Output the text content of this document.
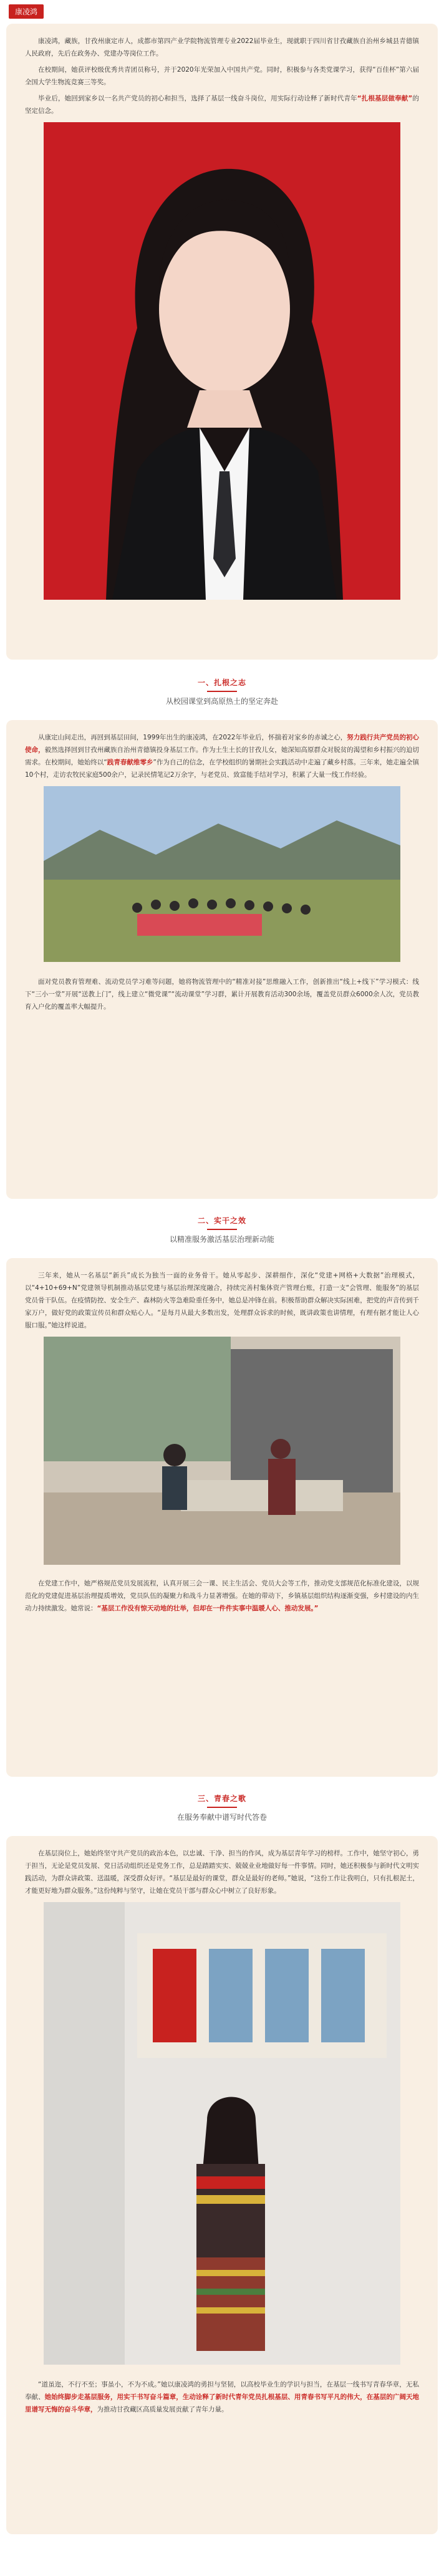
康凌鸿

康凌鸿，藏族，甘孜州康定市人，成都市第四产业学院物流管理专业2022届毕业生，现就职于四川省甘孜藏族自治州乡城县青德镇人民政府，先后在政务办、党建办等岗位工作。

在校期间，她获评校级优秀共青团员称号，并于2020年光荣加入中国共产党。同时，积极参与各类党课学习，获得“百佳杯”第六届全国大学生物流竞赛三等奖。

毕业后，她回到家乡以一名共产党员的初心和担当，选择了基层一线奋斗岗位，用实际行动诠释了新时代青年“扎根基层做奉献”的坚定信念。

一、扎根之志
从校园课堂到高原热土的坚定奔赴

从康定山间走出，再回到基层田间，1999年出生的康凌鸿，在2022年毕业后，怀揣着对家乡的赤诚之心，努力践行共产党员的初心使命，毅然选择回到甘孜州藏族自治州青德镇投身基层工作。作为土生土长的甘孜儿女，她深知高原群众对脱贫的渴望和乡村振兴的迫切需求。在校期间，她始终以“践青春献维零乡”作为自己的信念，在学校组织的暑期社会实践活动中走遍了藏乡村落。三年来，她走遍全镇10个村，走访农牧民家庭500余户，记录民情笔记2万余字，与老党员、致富能手结对学习，积累了大量一线工作经验。

面对党员教育管理难、流动党员学习难等问题，她将物流管理中的“精准对接”思维融入工作，创新推出“线上+线下”学习模式：线下“三小一堂”开展“送教上门”，线上建立“微党课”“流动课堂”学习群，累计开展教育活动300余场，覆盖党员群众6000余人次，党员教育入户化的覆盖率大幅提升。

二、实干之效
以精准服务激活基层治理新动能

三年来，她从一名基层“新兵”成长为独当一面的业务骨干。她从零起步、深耕细作，深化“党建+网格+大数据”治理模式，以“4+10+69+N”党建领导机制推动基层党建与基层治理深度融合，持续完善村集体资产管理台账，打造一支“会管理、能服务”的基层党员骨干队伍。在疫情防控、安全生产、森林防火等急难险重任务中，她总是冲锋在前。积极帮助群众解决实际困难，把党的声音传到千家万户，做好党的政策宣传员和群众贴心人。“是每月从最大多数出发，处理群众诉求的时候，既讲政策也讲情理，有理有据才能让人心服口服。”她这样说道。

在党建工作中，她严格规范党员发展流程，认真开展三会一课、民主生活会、党员大会等工作，推动党支部规范化标准化建设，以规范化的党建促进基层治理提质增效，党员队伍的凝聚力和战斗力显著增强。在她的带动下，乡镇基层组织结构逐渐变强，乡村建设的内生动力持续激发。她常说：“基层工作没有惊天动地的壮举，但却在一件件实事中温暖人心、推动发展。”

三、青春之歌
在服务奉献中谱写时代答卷

在基层岗位上，她始终坚守共产党员的政治本色，以忠诚、干净、担当的作风，成为基层青年学习的榜样。工作中，她坚守初心，勇于担当，无论是党员发展、党日活动组织还是党务工作，总是踏踏实实、兢兢业业地做好每一件事情。同时，她还积极参与新时代文明实践活动，为群众讲政策、送温暖，深受群众好评。“基层是最好的课堂，群众是最好的老师。”她说，“这份工作让我明白，只有扎根泥土，才能更好地为群众服务。”这份纯粹与坚守，让她在党员干部与群众心中树立了良好形象。

“道虽迩，不行不至；事虽小，不为不成。”她以康凌鸿的勇担与坚韧，以高校毕业生的学识与担当，在基层一线书写青春华章，无私奉献、她始终脚步走基层服务，用实干书写奋斗篇章，生动诠释了新时代青年党员扎根基层、用青春书写平凡的伟大，在基层的广阔天地里谱写无悔的奋斗华章，为推动甘孜藏区高质量发展贡献了青年力量。
